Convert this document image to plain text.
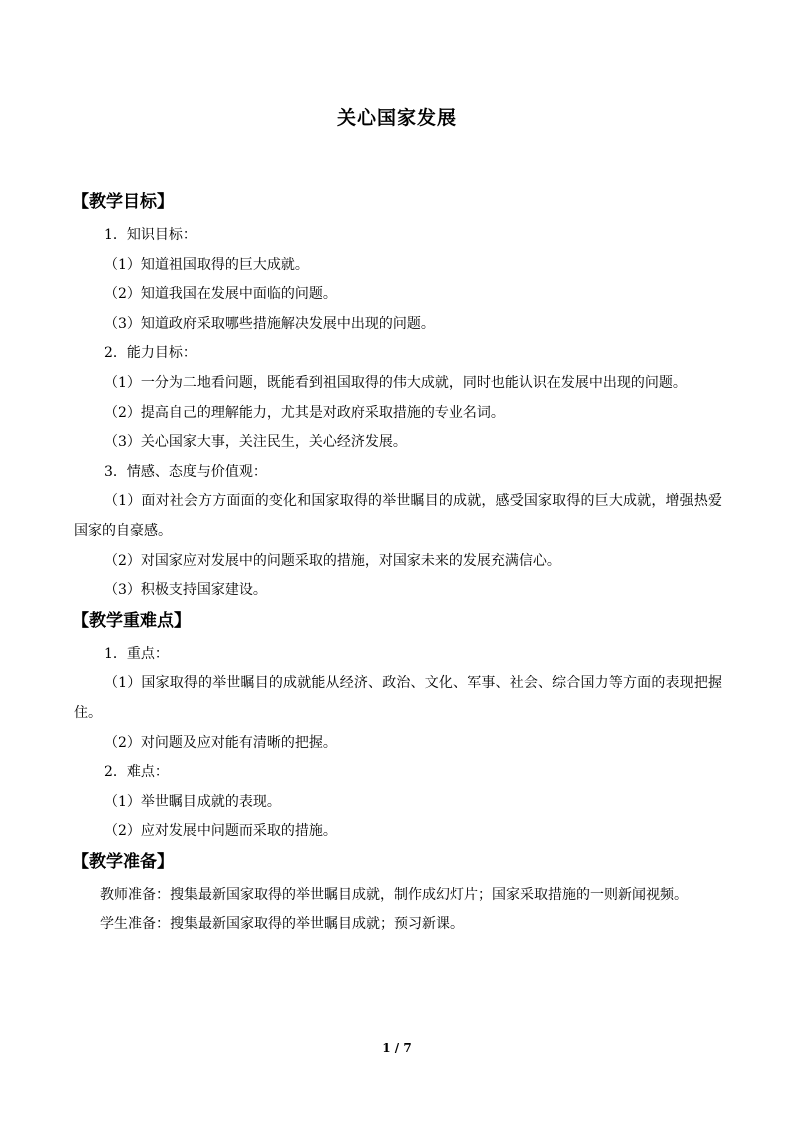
关心国家发展
【教学目标】

1．知识目标：

（1）知道祖国取得的巨大成就。

（2）知道我国在发展中面临的问题。

（3）知道政府采取哪些措施解决发展中出现的问题。

2．能力目标：

（1）一分为二地看问题，既能看到祖国取得的伟大成就，同时也能认识在发展中出现的问题。

（2）提高自己的理解能力，尤其是对政府采取措施的专业名词。

（3）关心国家大事，关注民生，关心经济发展。

3．情感、态度与价值观：

（1）面对社会方方面面的变化和国家取得的举世瞩目的成就，感受国家取得的巨大成就，增强热爱国家的自豪感。

（2）对国家应对发展中的问题采取的措施，对国家未来的发展充满信心。

（3）积极支持国家建设。

【教学重难点】

1．重点：

（1）国家取得的举世瞩目的成就能从经济、政治、文化、军事、社会、综合国力等方面的表现把握住。

（2）对问题及应对能有清晰的把握。

2．难点：

（1）举世瞩目成就的表现。

（2）应对发展中问题而采取的措施。

【教学准备】

教师准备：搜集最新国家取得的举世瞩目成就，制作成幻灯片；国家采取措施的一则新闻视频。

学生准备：搜集最新国家取得的举世瞩目成就；预习新课。

1 / 7
